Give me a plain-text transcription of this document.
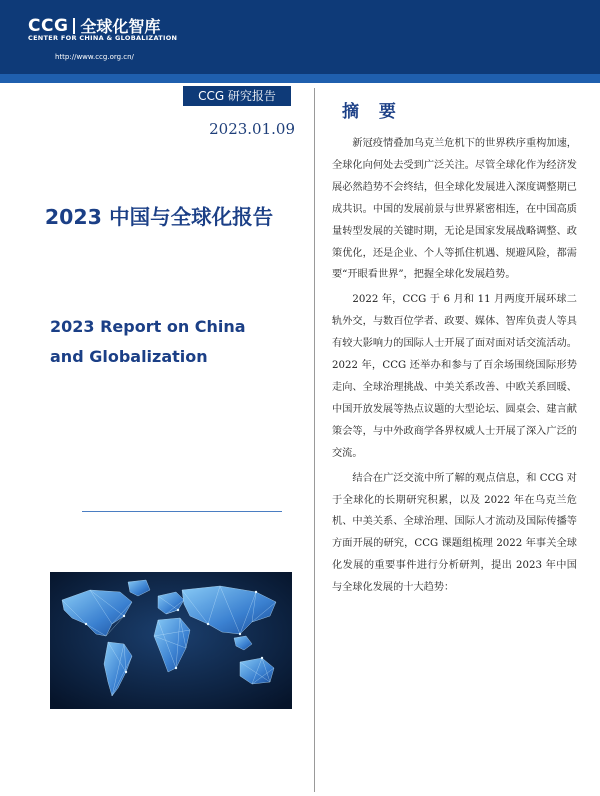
CCG 全球化智库
CENTER FOR CHINA & GLOBALIZATION
http://www.ccg.org.cn/
CCG 研究报告
2023.01.09
2023 中国与全球化报告
2023 Report on China
and Globalization
摘 要

新冠疫情叠加乌克兰危机下的世界秩序重构加速，全球化向何处去受到广泛关注。尽管全球化作为经济发展必然趋势不会终结，但全球化发展进入深度调整期已成共识。中国的发展前景与世界紧密相连，在中国高质量转型发展的关键时期，无论是国家发展战略调整、政策优化，还是企业、个人等抓住机遇、规避风险，都需要“开眼看世界”，把握全球化发展趋势。

2022 年，CCG 于 6 月和 11 月两度开展环球二轨外交，与数百位学者、政要、媒体、智库负责人等具有较大影响力的国际人士开展了面对面对话交流活动。2022 年，CCG 还举办和参与了百余场围绕国际形势走向、全球治理挑战、中美关系改善、中欧关系回暖、中国开放发展等热点议题的大型论坛、圆桌会、建言献策会等，与中外政商学各界权威人士开展了深入广泛的交流。

结合在广泛交流中所了解的观点信息，和 CCG 对于全球化的长期研究积累，以及 2022 年在乌克兰危机、中美关系、全球治理、国际人才流动及国际传播等方面开展的研究，CCG 课题组梳理 2022 年事关全球化发展的重要事件进行分析研判，提出 2023 年中国与全球化发展的十大趋势：
